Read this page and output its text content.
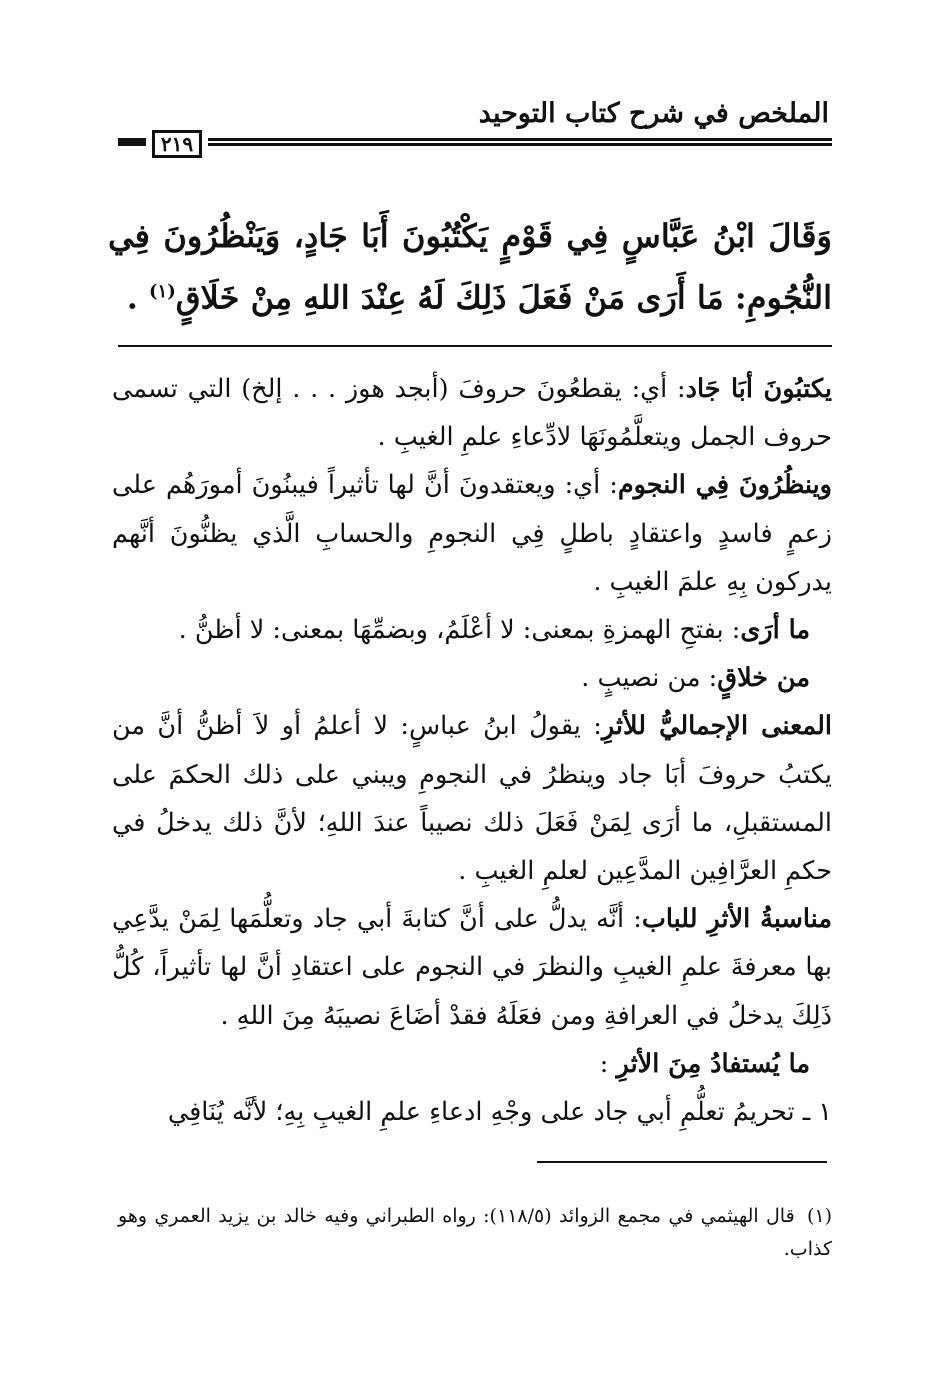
الملخص في شرح كتاب التوحيد
٢١٩
وَقَالَ ابْنُ عَبَّاسٍ فِي قَوْمٍ يَكْتُبُونَ أَبَا جَادٍ، وَيَنْظُرُونَ فِي النُّجُومِ: مَا أَرَى مَنْ فَعَلَ ذَلِكَ لَهُ عِنْدَ اللهِ مِنْ خَلَاقٍ$^{(١)}$ .

يكتبُونَ أبَا جَاد: أي: يقطعُونَ حروفَ (أبجد هوز . . . إلخ) التي تسمى حروف الجمل ويتعلَّمُونَهَا لادِّعاءِ علمِ الغيبِ .

وينظُرُونَ فِي النجوم: أي: ويعتقدونَ أنَّ لها تأثيراً فيبنُونَ أمورَهُم على زعمٍ فاسدٍ واعتقادٍ باطلٍ فِي النجومِ والحسابِ الَّذي يظنُّونَ أنَّهم يدركون بِهِ علمَ الغيبِ .

ما أرَى: بفتحِ الهمزةِ بمعنى: لا أعْلَمُ، وبضمِّهَا بمعنى: لا أظنُّ .

من خلاقٍ: من نصيبٍ .

المعنى الإجماليُّ للأثرِ: يقولُ ابنُ عباسٍ: لا أعلمُ أو لاَ أظنُّ أنَّ من يكتبُ حروفَ أبَا جاد وينظرُ في النجومِ ويبني على ذلك الحكمَ على المستقبلِ، ما أرَى لِمَنْ فَعَلَ ذلك نصيباً عندَ اللهِ؛ لأنَّ ذلك يدخلُ في حكمِ العرَّافِين المدَّعِين لعلمِ الغيبِ .

مناسبةُ الأثرِ للباب: أنَّه يدلُّ على أنَّ كتابةَ أبي جاد وتعلُّمَها لِمَنْ يدَّعِي بها معرفةَ علمِ الغيبِ والنظرَ في النجوم على اعتقادِ أنَّ لها تأثيراً، كُلُّ ذَلِكَ يدخلُ في العرافةِ ومن فعَلَهُ فقدْ أضَاعَ نصيبَهُ مِنَ اللهِ .

ما يُستفادُ مِنَ الأثرِ :

١ ـ تحريمُ تعلُّمِ أبي جاد على وجْهِ ادعاءِ علمِ الغيبِ بِهِ؛ لأنَّه يُنَافِي

(١) قال الهيثمي في مجمع الزوائد (١١٨/٥): رواه الطبراني وفيه خالد بن يزيد العمري وهو كذاب.
